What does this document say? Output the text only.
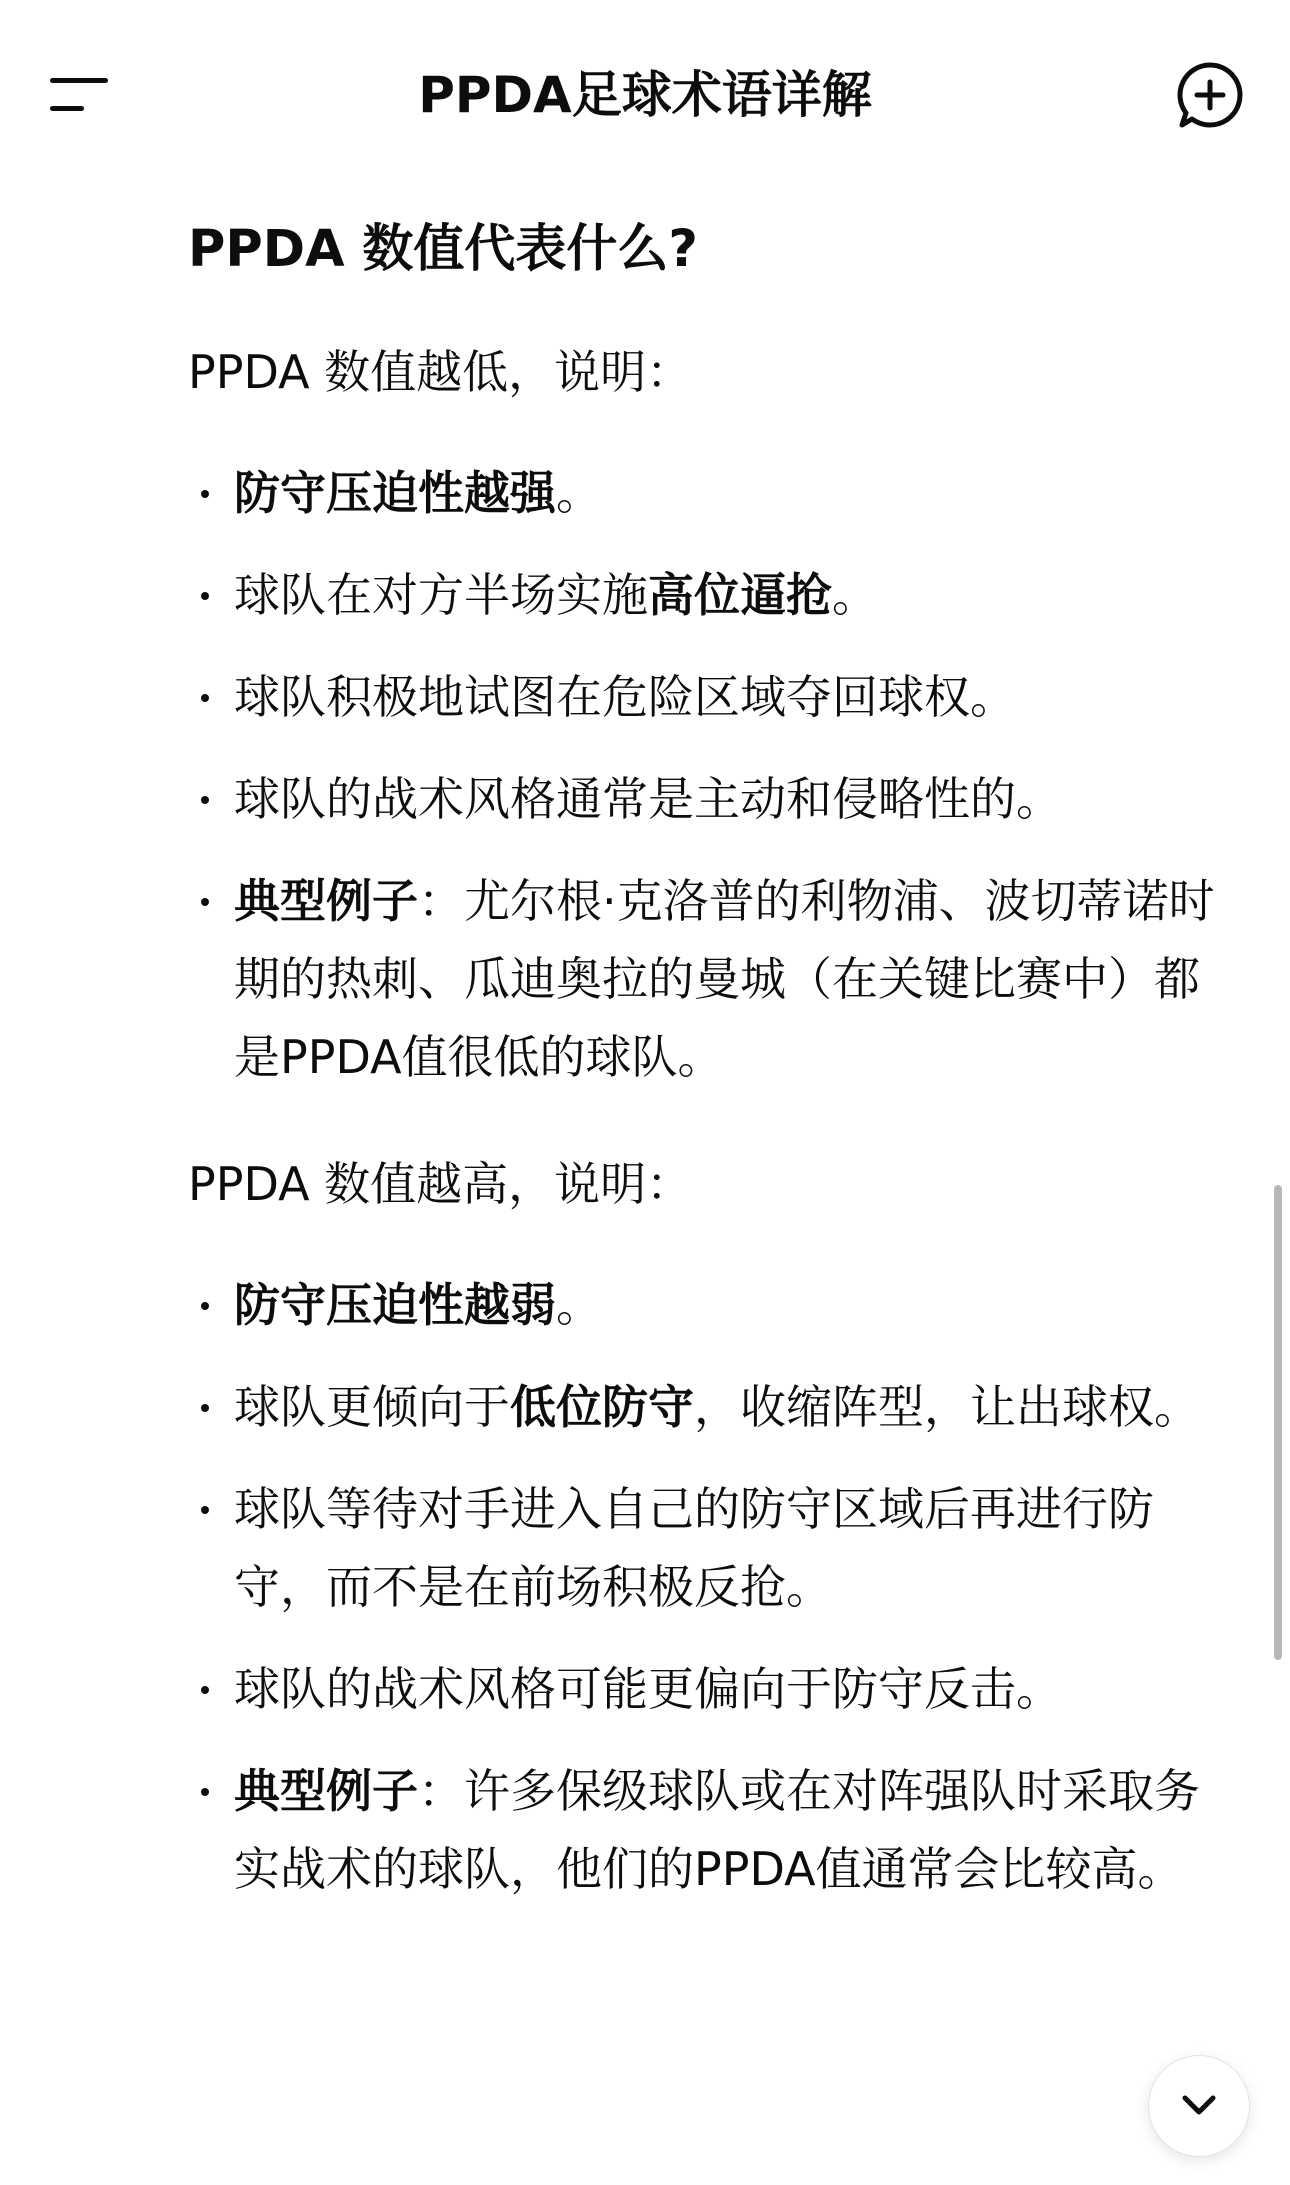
PPDA足球术语详解
PPDA 数值代表什么?
PPDA 数值越低，说明：
防守压迫性越强。
球队在对方半场实施高位逼抢。
球队积极地试图在危险区域夺回球权。
球队的战术风格通常是主动和侵略性的。
典型例子：尤尔根·克洛普的利物浦、波切蒂诺时期的热刺、瓜迪奥拉的曼城（在关键比赛中）都是PPDA值很低的球队。
PPDA 数值越高，说明：
防守压迫性越弱。
球队更倾向于低位防守，收缩阵型，让出球权。
球队等待对手进入自己的防守区域后再进行防守，而不是在前场积极反抢。
球队的战术风格可能更偏向于防守反击。
典型例子：许多保级球队或在对阵强队时采取务实战术的球队，他们的PPDA值通常会比较高。
